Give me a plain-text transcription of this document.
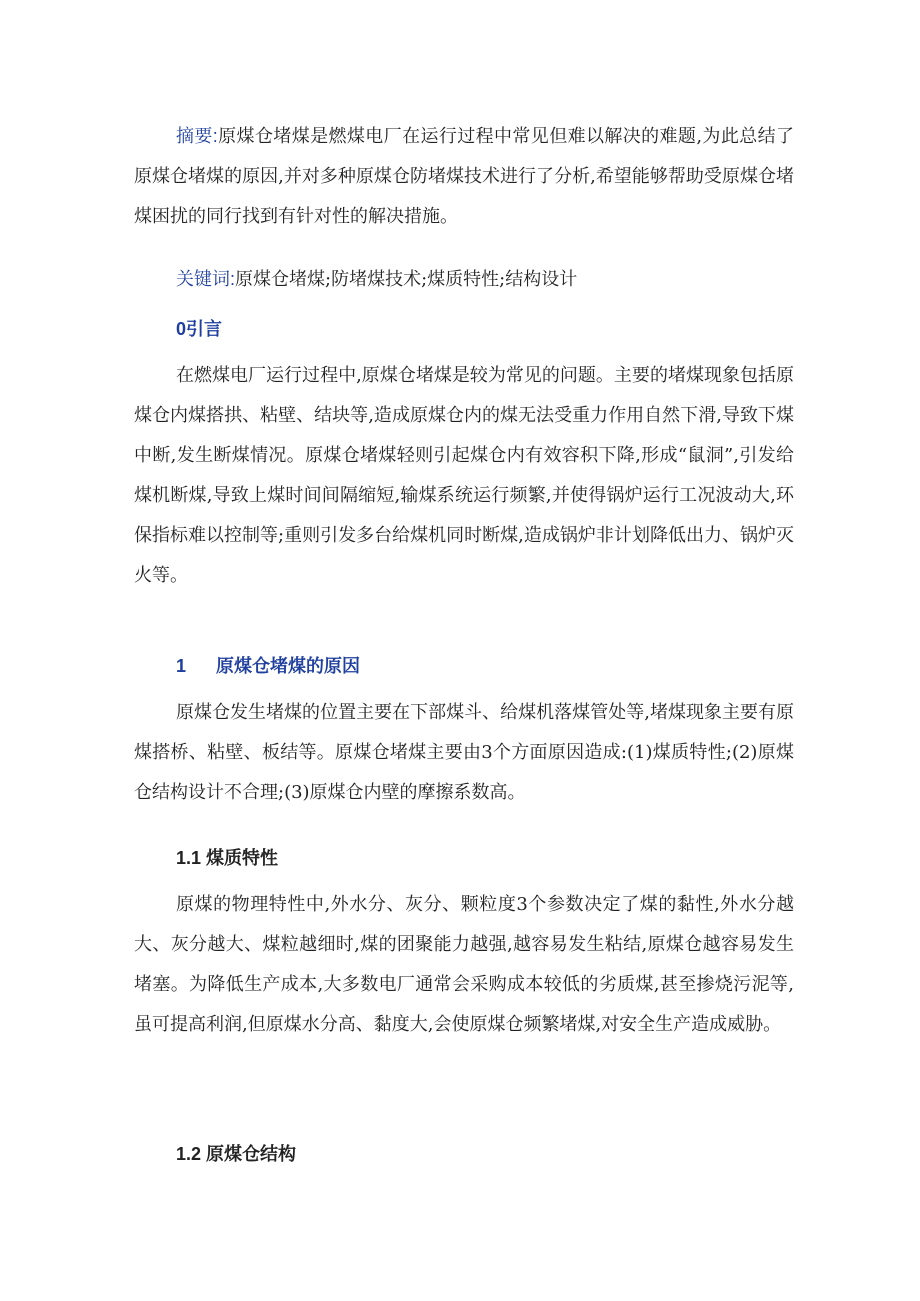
摘要:原煤仓堵煤是燃煤电厂在运行过程中常见但难以解决的难题,为此总结了原煤仓堵煤的原因,并对多种原煤仓防堵煤技术进行了分析,希望能够帮助受原煤仓堵煤困扰的同行找到有针对性的解决措施。

关键词:原煤仓堵煤;防堵煤技术;煤质特性;结构设计

0引言

在燃煤电厂运行过程中,原煤仓堵煤是较为常见的问题。主要的堵煤现象包括原煤仓内煤搭拱、粘壁、结块等,造成原煤仓内的煤无法受重力作用自然下滑,导致下煤中断,发生断煤情况。原煤仓堵煤轻则引起煤仓内有效容积下降,形成“鼠洞”,引发给煤机断煤,导致上煤时间间隔缩短,输煤系统运行频繁,并使得锅炉运行工况波动大,环保指标难以控制等;重则引发多台给煤机同时断煤,造成锅炉非计划降低出力、锅炉灭火等。

1 原煤仓堵煤的原因

原煤仓发生堵煤的位置主要在下部煤斗、给煤机落煤管处等,堵煤现象主要有原煤搭桥、粘壁、板结等。原煤仓堵煤主要由3个方面原因造成:(1)煤质特性;(2)原煤仓结构设计不合理;(3)原煤仓内壁的摩擦系数高。

1.1 煤质特性

原煤的物理特性中,外水分、灰分、颗粒度3个参数决定了煤的黏性,外水分越大、灰分越大、煤粒越细时,煤的团聚能力越强,越容易发生粘结,原煤仓越容易发生堵塞。为降低生产成本,大多数电厂通常会采购成本较低的劣质煤,甚至掺烧污泥等,虽可提高利润,但原煤水分高、黏度大,会使原煤仓频繁堵煤,对安全生产造成威胁。

1.2 原煤仓结构
